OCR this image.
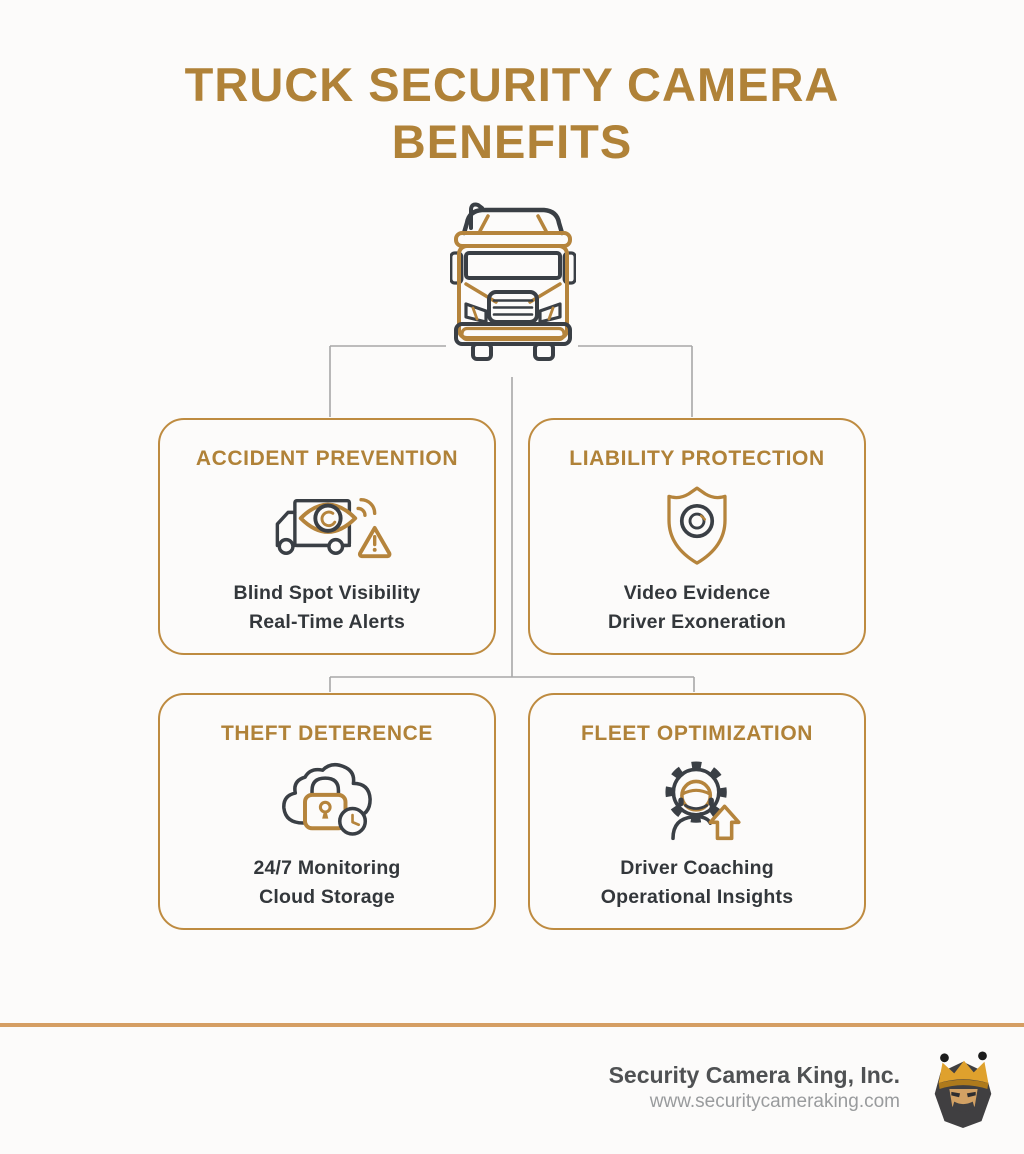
TRUCK SECURITY CAMERA
BENEFITS
ACCIDENT PREVENTION
Blind Spot Visibility
Real-Time Alerts
LIABILITY PROTECTION
Video Evidence
Driver Exoneration
THEFT DETERENCE
24/7 Monitoring
Cloud Storage
FLEET OPTIMIZATION
Driver Coaching
Operational Insights
Security Camera King, Inc.
www.securitycameraking.com
